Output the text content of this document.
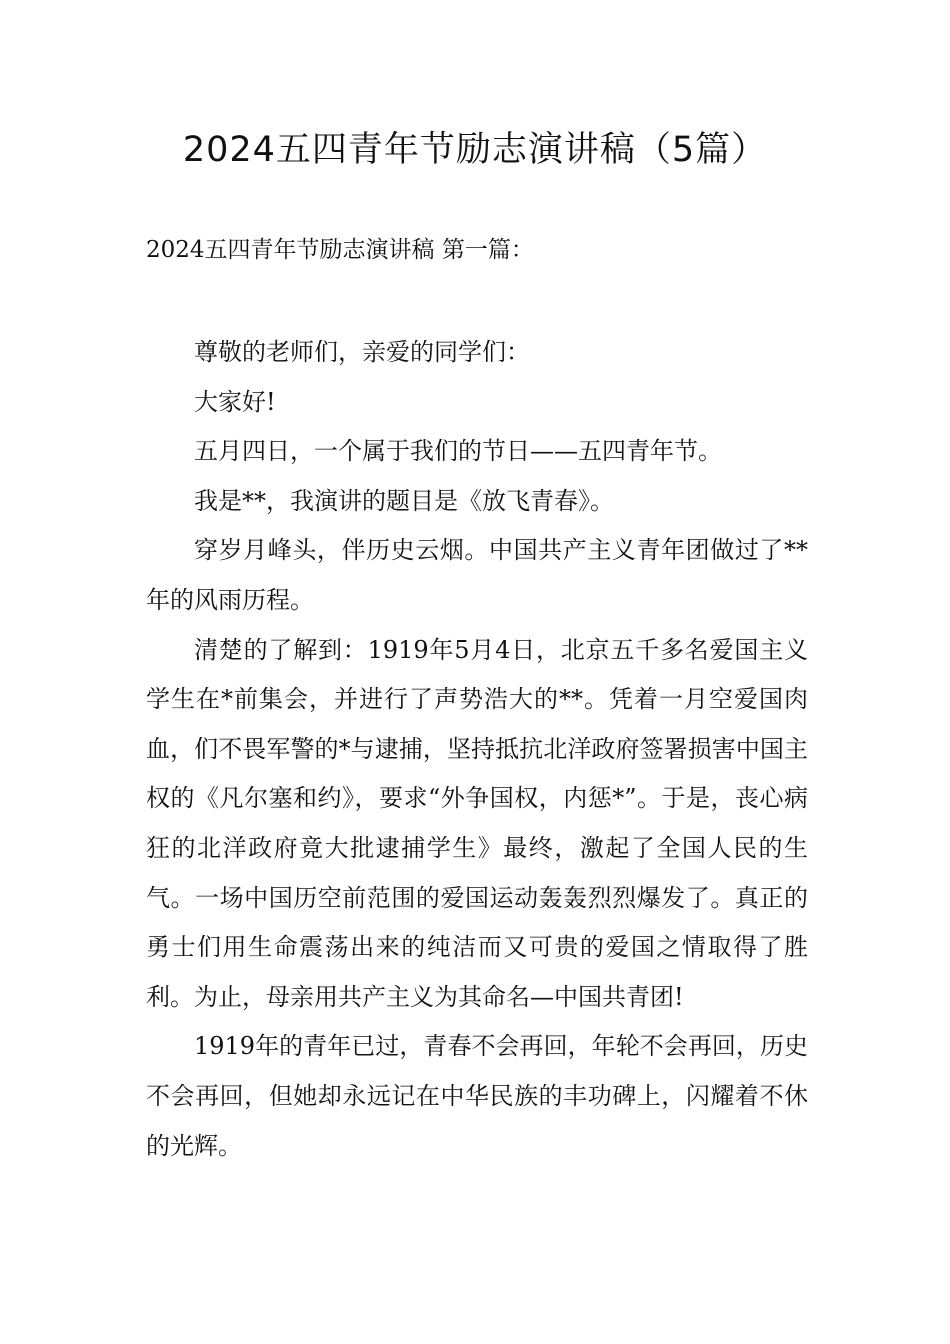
2024五四青年节励志演讲稿（5篇）
2024五四青年节励志演讲稿 第一篇：

尊敬的老师们，亲爱的同学们：

大家好!

五月四日，一个属于我们的节日——五四青年节。

我是**，我演讲的题目是《放飞青春》。

穿岁月峰头，伴历史云烟。中国共产主义青年团做过了**年的风雨历程。

清楚的了解到：1919年5月4日，北京五千多名爱国主义学生在*前集会，并进行了声势浩大的**。凭着一月空爱国肉血，们不畏军警的*与逮捕，坚持抵抗北洋政府签署损害中国主权的《凡尔塞和约》，要求“外争国权，内惩*”。于是，丧心病狂的北洋政府竟大批逮捕学生》最终，激起了全国人民的生气。一场中国历空前范围的爱国运动轰轰烈烈爆发了。真正的勇士们用生命震荡出来的纯洁而又可贵的爱国之情取得了胜利。为止，母亲用共产主义为其命名—中国共青团!

1919年的青年已过，青春不会再回，年轮不会再回，历史不会再回，但她却永远记在中华民族的丰功碑上，闪耀着不休的光辉。
